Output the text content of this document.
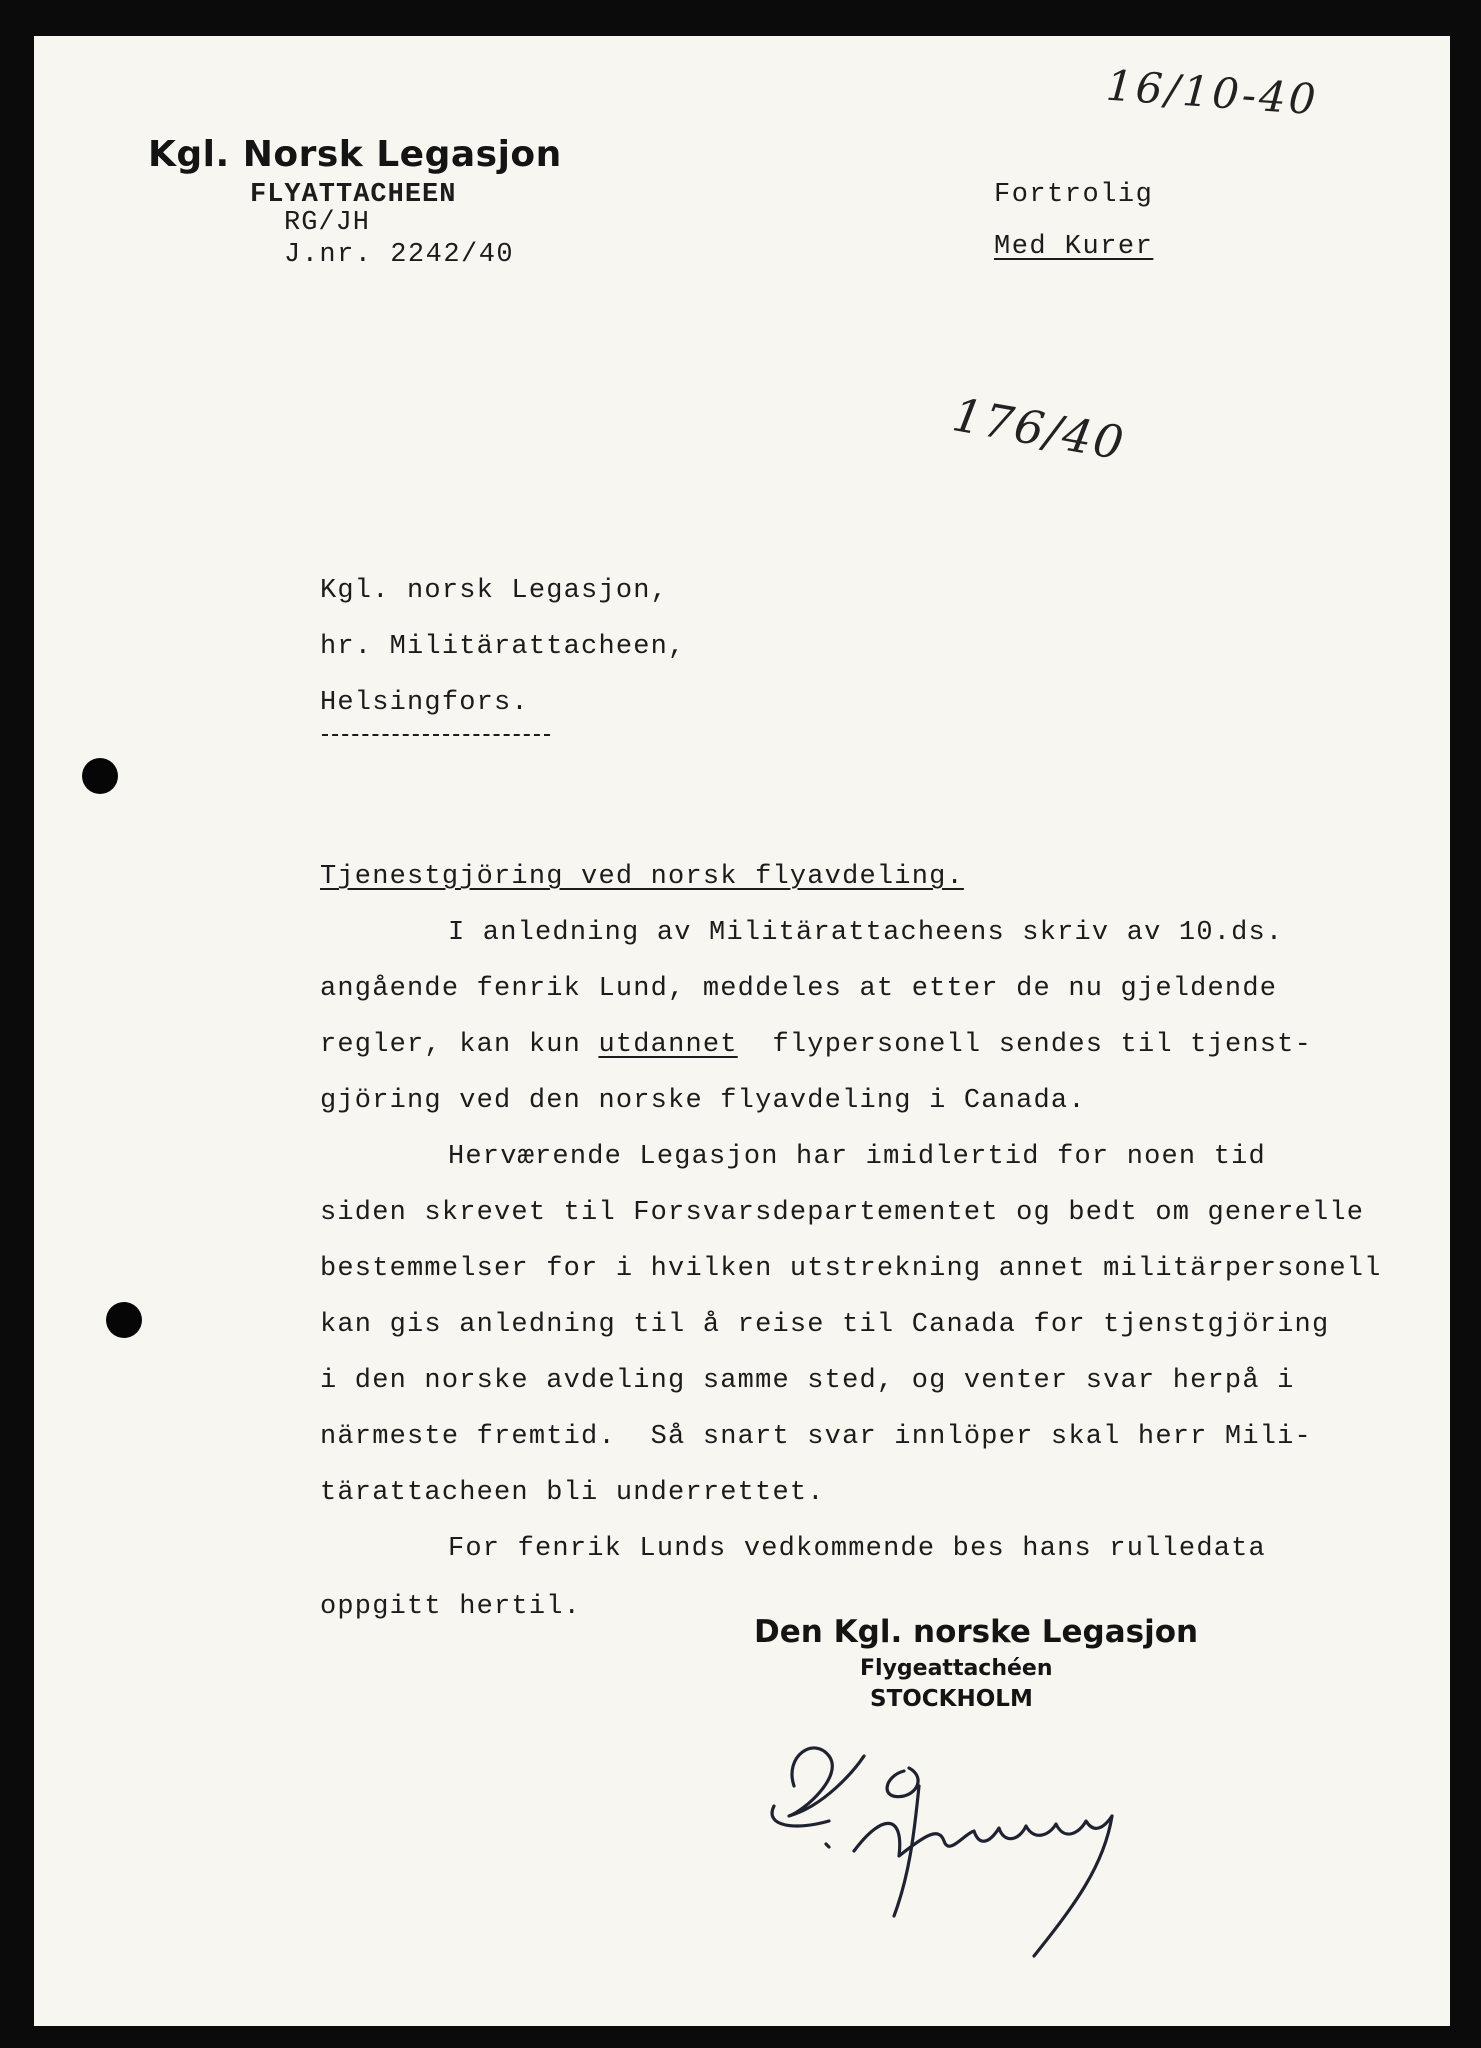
16/10-40
176/40
Kgl. Norsk Legasjon
FLYATTACHEEN
RG/JH
J.nr. 2242/40
Fortrolig
Med Kurer
Kgl. norsk Legasjon,
hr. Militärattacheen,
Helsingfors.
Tjenestgjöring ved norsk flyavdeling.
I anledning av Militärattacheens skriv av 10.ds.
angående fenrik Lund, meddeles at etter de nu gjeldende
regler, kan kun utdannet  flypersonell sendes til tjenst-
gjöring ved den norske flyavdeling i Canada.
Herværende Legasjon har imidlertid for noen tid
siden skrevet til Forsvarsdepartementet og bedt om generelle
bestemmelser for i hvilken utstrekning annet militärpersonell
kan gis anledning til å reise til Canada for tjenstgjöring
i den norske avdeling samme sted, og venter svar herpå i
närmeste fremtid.  Så snart svar innlöper skal herr Mili-
tärattacheen bli underrettet.
For fenrik Lunds vedkommende bes hans rulledata
oppgitt hertil.
Den Kgl. norske Legasjon
Flygeattachéen
STOCKHOLM
